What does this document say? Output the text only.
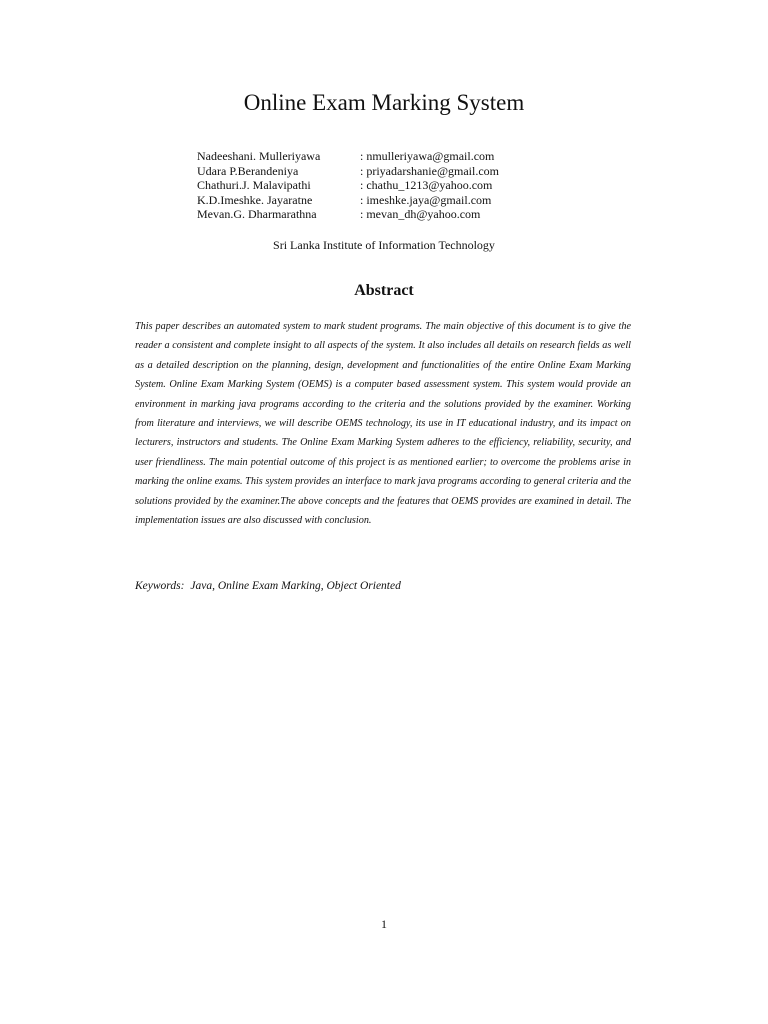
Online Exam Marking System
Nadeeshani. Mulleriyawa	: nmulleriyawa@gmail.com
Udara P.Berandeniya	: priyadarshanie@gmail.com
Chathuri.J. Malavipathi	: chathu_1213@yahoo.com
K.D.Imeshke. Jayaratne	: imeshke.jaya@gmail.com
Mevan.G. Dharmarathna	: mevan_dh@yahoo.com
Sri Lanka Institute of Information Technology
Abstract

This paper describes an automated system to mark student programs. The main objective of this document is to give the reader a consistent and complete insight to all aspects of the system. It also includes all details on research fields as well as a detailed description on the planning, design, development and functionalities of the entire Online Exam Marking System. Online Exam Marking System (OEMS) is a computer based assessment system. This system would provide an environment in marking java programs according to the criteria and the solutions provided by the examiner. Working from literature and interviews, we will describe OEMS technology, its use in IT educational industry, and its impact on lecturers, instructors and students. The Online Exam Marking System adheres to the efficiency, reliability, security, and user friendliness. The main potential outcome of this project is as mentioned earlier; to overcome the problems arise in marking the online exams. This system provides an interface to mark java programs according to general criteria and the solutions provided by the examiner.The above concepts and the features that OEMS provides are examined in detail. The implementation issues are also discussed with conclusion.

Keywords: Java, Online Exam Marking, Object Oriented
1
